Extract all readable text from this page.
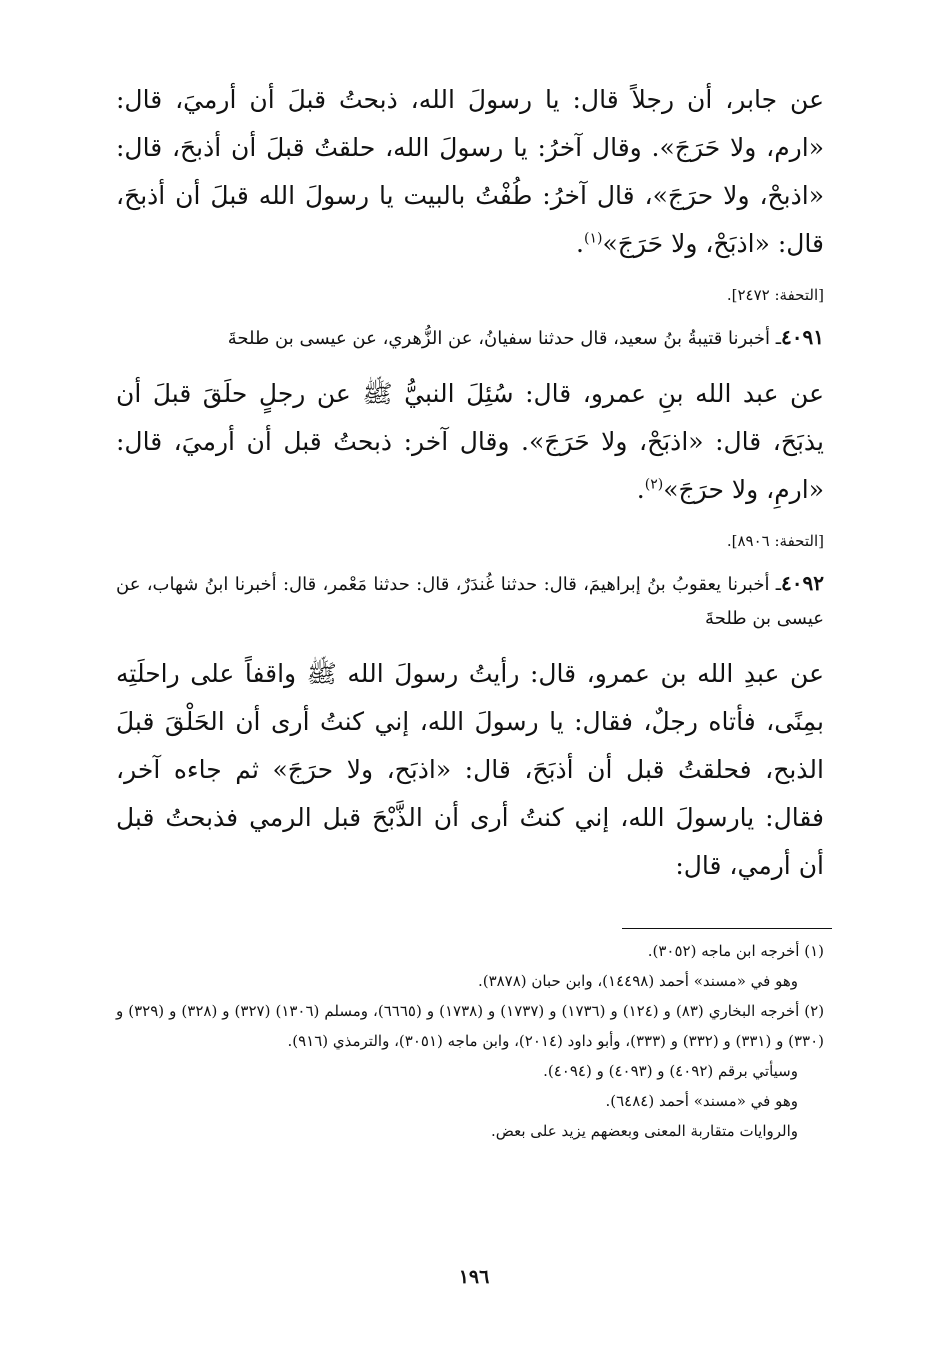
عن جابر، أن رجلاً قال: يا رسولَ الله، ذبحتُ قبلَ أن أرميَ، قال: «ارم، ولا حَرَجَ». وقال آخرُ: يا رسولَ الله، حلقتُ قبلَ أن أذبحَ، قال: «اذبحْ، ولا حرَجَ»، قال آخرُ: طُفْتُ بالبيت يا رسولَ الله قبلَ أن أذبحَ، قال: «اذبَحْ، ولا حَرَجَ»$^{(١)}$.

[التحفة: ٢٤٧٢].

٤٠٩١ـ أخبرنا قتيبةُ بنُ سعيد، قال حدثنا سفيانُ، عن الزُّهري، عن عيسى بن طلحةَ

عن عبد الله بنِ عمرو، قال: سُئِلَ النبيُّ ﷺ عن رجلٍ حلَقَ قبلَ أن يذبَحَ، قال: «اذبَحْ، ولا حَرَجَ». وقال آخر: ذبحتُ قبل أن أرميَ، قال: «ارمِ، ولا حرَجَ»$^{(٢)}$.

[التحفة: ٨٩٠٦].

٤٠٩٢ـ أخبرنا يعقوبُ بنُ إبراهيمَ، قال: حدثنا غُندَرٌ، قال: حدثنا مَعْمر، قال: أخبرنا ابنُ شهاب، عن عيسى بن طلحةَ

عن عبدِ الله بن عمرو، قال: رأيتُ رسولَ الله ﷺ واقفاً على راحلَتِه بمِنًى، فأتاه رجلٌ، فقال: يا رسولَ الله، إني كنتُ أرى أن الحَلْقَ قبلَ الذبح، فحلقتُ قبل أن أذبَحَ، قال: «اذبَح، ولا حرَجَ» ثم جاءه آخر، فقال: يارسولَ الله، إني كنتُ أرى أن الذَّبْحَ قبل الرمي فذبحتُ قبل أن أرمي، قال:

(١) أخرجه ابن ماجه (٣٠٥٢).

وهو في «مسند» أحمد (١٤٤٩٨)، وابن حبان (٣٨٧٨).

(٢) أخرجه البخاري (٨٣) و (١٢٤) و (١٧٣٦) و (١٧٣٧) و (١٧٣٨) و (٦٦٦٥)، ومسلم (١٣٠٦) (٣٢٧) و (٣٢٨) و (٣٢٩) و (٣٣٠) و (٣٣١) و (٣٣٢) و (٣٣٣)، وأبو داود (٢٠١٤)، وابن ماجه (٣٠٥١)، والترمذي (٩١٦).

وسيأتي برقم (٤٠٩٢) و (٤٠٩٣) و (٤٠٩٤).

وهو في «مسند» أحمد (٦٤٨٤).

والروايات متقاربة المعنى وبعضهم يزيد على بعض.

١٩٦
